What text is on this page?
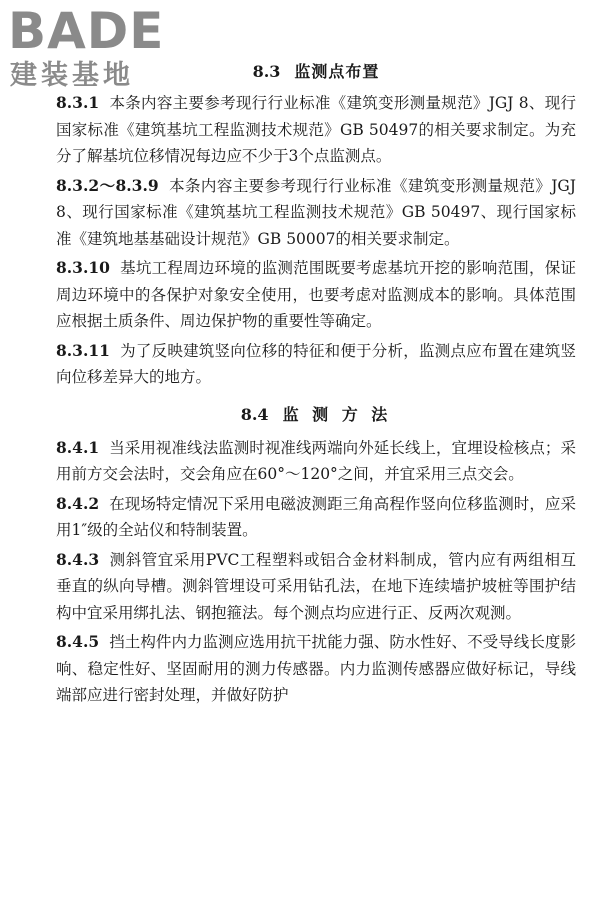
BADE
建装基地	8.3 监测点布置

8.3.1 本条内容主要参考现行行业标准《建筑变形测量规范》JGJ 8、现行国家标准《建筑基坑工程监测技术规范》GB 50497的相关要求制定。为充分了解基坑位移情况每边应不少于3个点监测点。

8.3.2～8.3.9 本条内容主要参考现行行业标准《建筑变形测量规范》JGJ 8、现行国家标准《建筑基坑工程监测技术规范》GB 50497、现行国家标准《建筑地基基础设计规范》GB 50007的相关要求制定。

8.3.10 基坑工程周边环境的监测范围既要考虑基坑开挖的影响范围，保证周边环境中的各保护对象安全使用，也要考虑对监测成本的影响。具体范围应根据土质条件、周边保护物的重要性等确定。

8.3.11 为了反映建筑竖向位移的特征和便于分析，监测点应布置在建筑竖向位移差异大的地方。

8.4 监 测 方 法

8.4.1 当采用视准线法监测时视准线两端向外延长线上，宜埋设检核点；采用前方交会法时，交会角应在60°～120°之间，并宜采用三点交会。

8.4.2 在现场特定情况下采用电磁波测距三角高程作竖向位移监测时，应采用1″级的全站仪和特制装置。

8.4.3 测斜管宜采用PVC工程塑料或铝合金材料制成，管内应有两组相互垂直的纵向导槽。测斜管埋设可采用钻孔法，在地下连续墙护坡桩等围护结构中宜采用绑扎法、钢抱箍法。每个测点均应进行正、反两次观测。

8.4.5 挡土构件内力监测应选用抗干扰能力强、防水性好、不受导线长度影响、稳定性好、坚固耐用的测力传感器。内力监测传感器应做好标记，导线端部应进行密封处理，并做好防护
